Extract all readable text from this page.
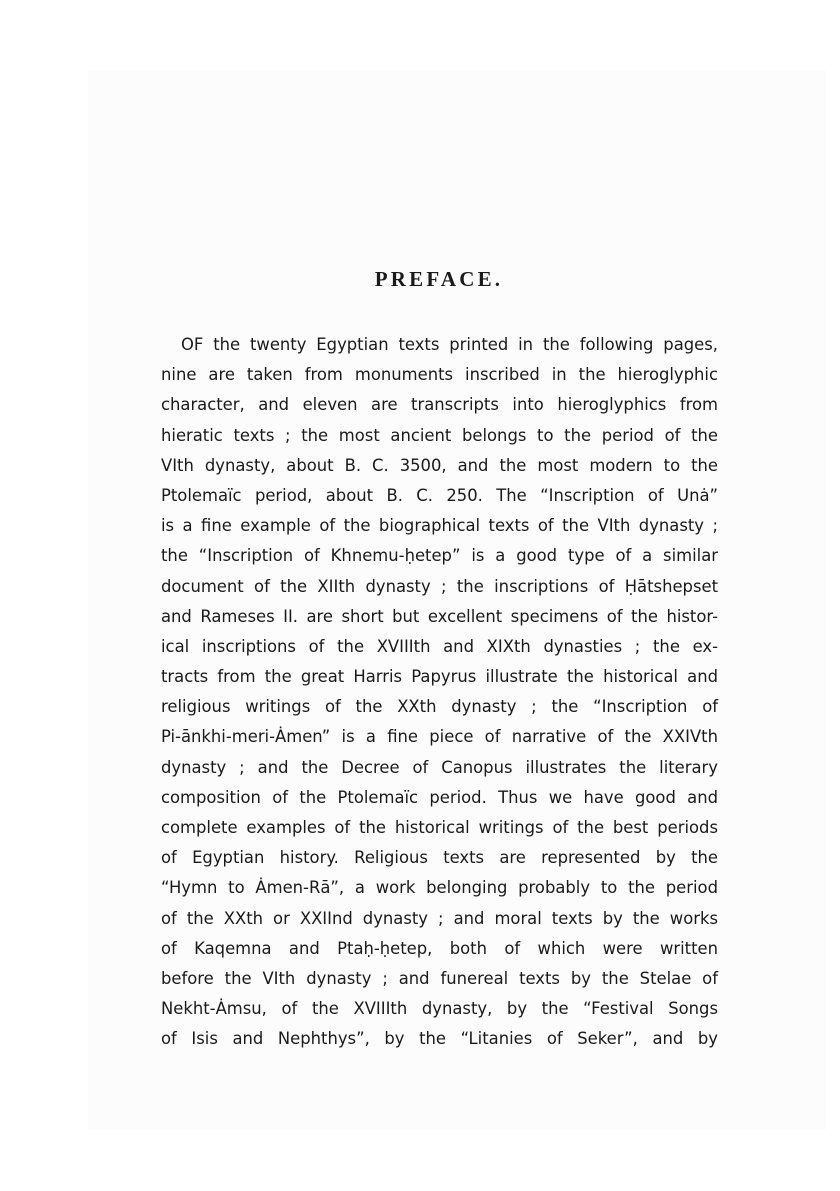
PREFACE.
OF the twenty Egyptian texts printed in the following pages,
nine are taken from monuments inscribed in the hieroglyphic
character, and eleven are transcripts into hieroglyphics from
hieratic texts ; the most ancient belongs to the period of the
VIth dynasty, about B. C. 3500, and the most modern to the
Ptolemaïc period, about B. C. 250. The “Inscription of Unȧ”
is a fine example of the biographical texts of the VIth dynasty ;
the “Inscription of Khnemu-ḥetep” is a good type of a similar
document of the XIIth dynasty ; the inscriptions of Ḥātshepset
and Rameses II. are short but excellent specimens of the histor-
ical inscriptions of the XVIIIth and XIXth dynasties ; the ex-
tracts from the great Harris Papyrus illustrate the historical and
religious writings of the XXth dynasty ; the “Inscription of
Pi-ānkhi-meri-Ȧmen” is a fine piece of narrative of the XXIVth
dynasty ; and the Decree of Canopus illustrates the literary
composition of the Ptolemaïc period. Thus we have good and
complete examples of the historical writings of the best periods
of Egyptian history. Religious texts are represented by the
“Hymn to Ȧmen-Rā”, a work belonging probably to the period
of the XXth or XXIInd dynasty ; and moral texts by the works
of Kaqemna and Ptaḥ-ḥetep, both of which were written
before the VIth dynasty ; and funereal texts by the Stelae of
Nekht-Ȧmsu, of the XVIIIth dynasty, by the “Festival Songs
of Isis and Nephthys”, by the “Litanies of Seker”, and by
